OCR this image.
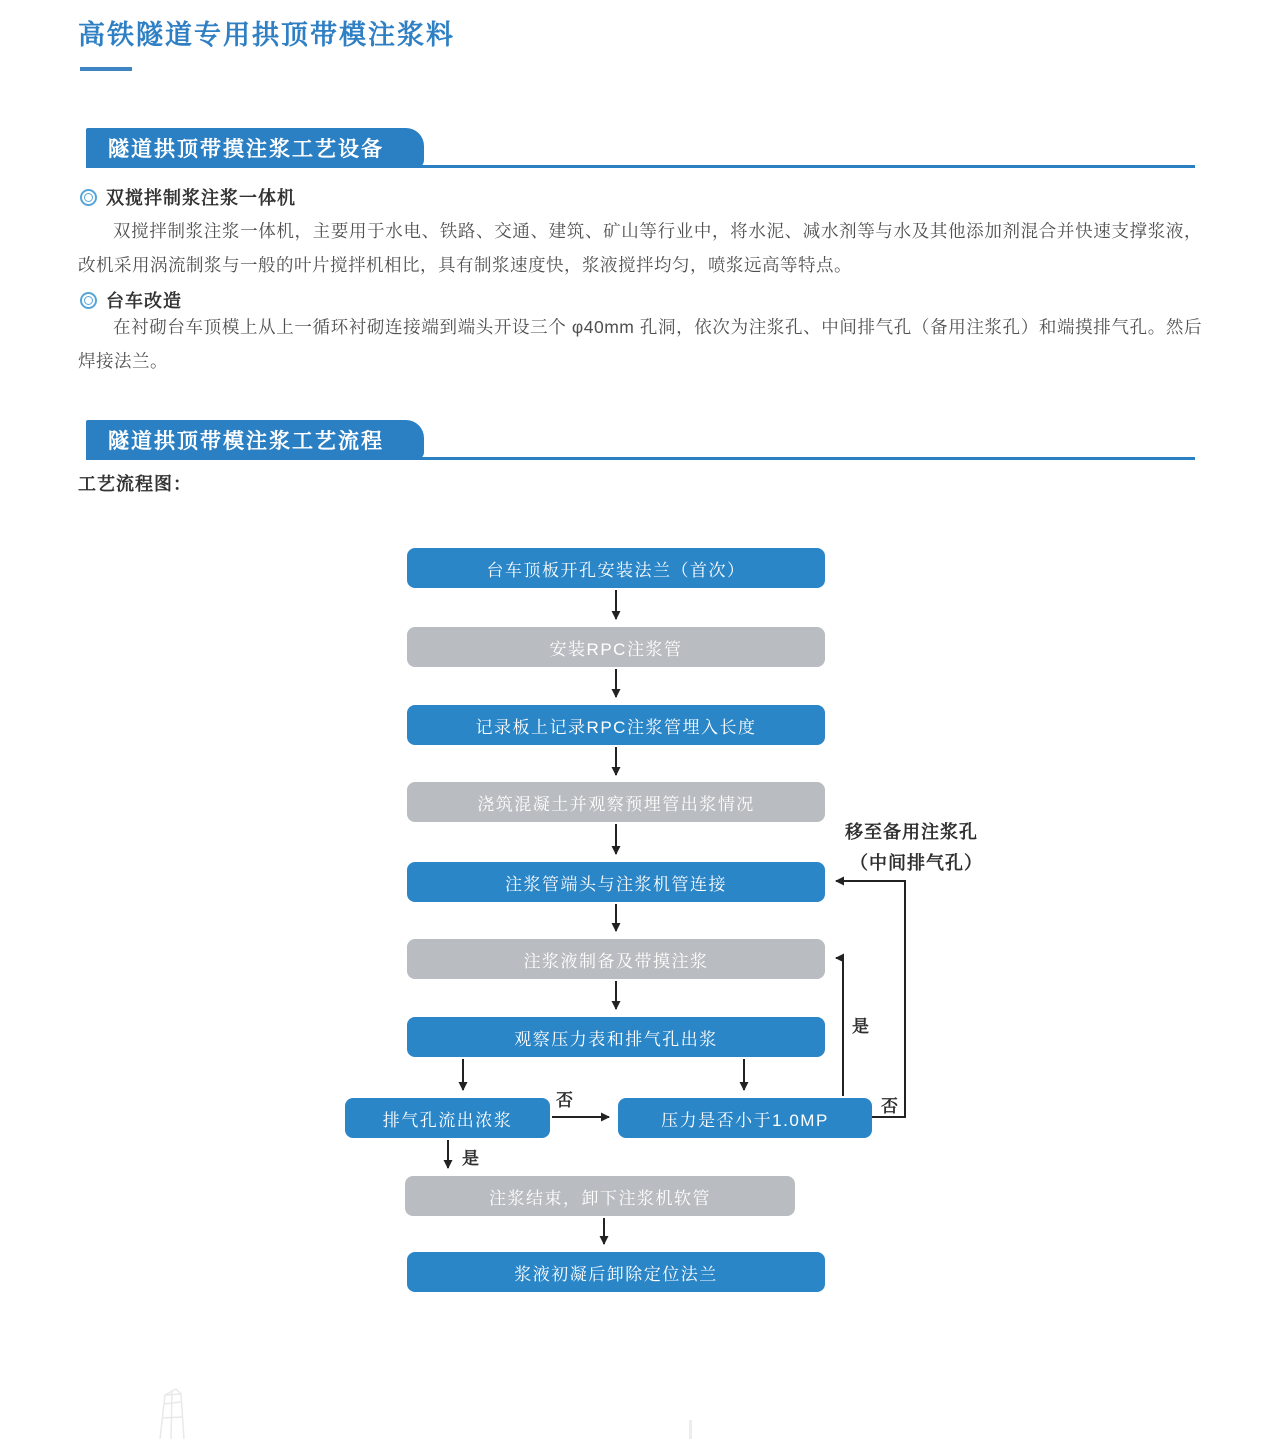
高铁隧道专用拱顶带模注浆料
隧道拱顶带摸注浆工艺设备
双搅拌制浆注浆一体机
双搅拌制浆注浆一体机，主要用于水电、铁路、交通、建筑、矿山等行业中，将水泥、减水剂等与水及其他添加剂混合并快速支撑浆液，改机采用涡流制浆与一般的叶片搅拌机相比，具有制浆速度快，浆液搅拌均匀，喷浆远高等特点。
台车改造
在衬砌台车顶模上从上一循环衬砌连接端到端头开设三个 φ40mm 孔洞，依次为注浆孔、中间排气孔（备用注浆孔）和端摸排气孔。然后焊接法兰。
隧道拱顶带模注浆工艺流程
工艺流程图：
台车顶板开孔安装法兰（首次）
安装RPC注浆管
记录板上记录RPC注浆管埋入长度
浇筑混凝土并观察预埋管出浆情况
注浆管端头与注浆机管连接
注浆液制备及带摸注浆
观察压力表和排气孔出浆
排气孔流出浓浆	压力是否小于1.0MP
注浆结束，卸下注浆机软管
浆液初凝后卸除定位法兰
否
是
是
否
移至备用注浆孔
（中间排气孔）
